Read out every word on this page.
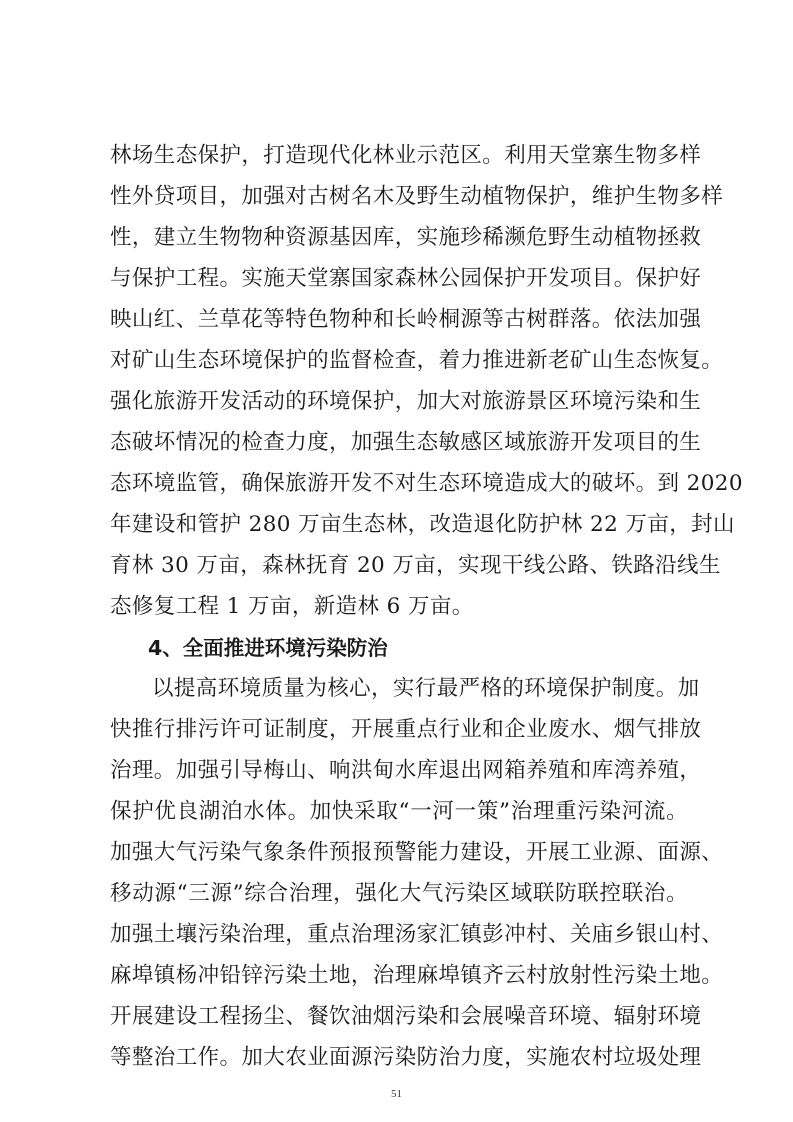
林场生态保护，打造现代化林业示范区。利用天堂寨生物多样
性外贷项目，加强对古树名木及野生动植物保护，维护生物多样
性，建立生物物种资源基因库，实施珍稀濒危野生动植物拯救
与保护工程。实施天堂寨国家森林公园保护开发项目。保护好
映山红、兰草花等特色物种和长岭桐源等古树群落。依法加强
对矿山生态环境保护的监督检查，着力推进新老矿山生态恢复。
强化旅游开发活动的环境保护，加大对旅游景区环境污染和生
态破坏情况的检查力度，加强生态敏感区域旅游开发项目的生
态环境监管，确保旅游开发不对生态环境造成大的破坏。到 2020
年建设和管护 280 万亩生态林，改造退化防护林 22 万亩，封山
育林 30 万亩，森林抚育 20 万亩，实现干线公路、铁路沿线生
态修复工程 1 万亩，新造林 6 万亩。
4、全面推进环境污染防治
以提高环境质量为核心，实行最严格的环境保护制度。加
快推行排污许可证制度，开展重点行业和企业废水、烟气排放
治理。加强引导梅山、响洪甸水库退出网箱养殖和库湾养殖，
保护优良湖泊水体。加快采取“一河一策”治理重污染河流。
加强大气污染气象条件预报预警能力建设，开展工业源、面源、
移动源“三源”综合治理，强化大气污染区域联防联控联治。
加强土壤污染治理，重点治理汤家汇镇彭冲村、关庙乡银山村、
麻埠镇杨冲铅锌污染土地，治理麻埠镇齐云村放射性污染土地。
开展建设工程扬尘、餐饮油烟污染和会展噪音环境、辐射环境
等整治工作。加大农业面源污染防治力度，实施农村垃圾处理
51
